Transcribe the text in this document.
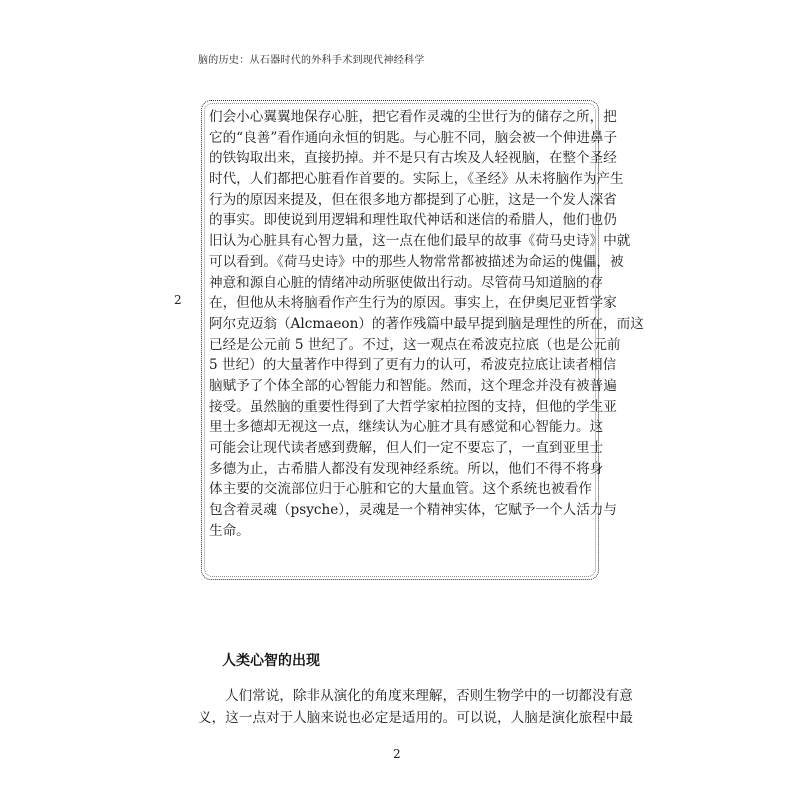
脑的历史：从石器时代的外科手术到现代神经科学
2
们会小心翼翼地保存心脏，把它看作灵魂的尘世行为的储存之所，把
它的“良善”看作通向永恒的钥匙。与心脏不同，脑会被一个伸进鼻子
的铁钩取出来，直接扔掉。并不是只有古埃及人轻视脑，在整个圣经
时代，人们都把心脏看作首要的。实际上，《圣经》从未将脑作为产生
行为的原因来提及，但在很多地方都提到了心脏，这是一个发人深省
的事实。即使说到用逻辑和理性取代神话和迷信的希腊人，他们也仍
旧认为心脏具有心智力量，这一点在他们最早的故事《荷马史诗》中就
可以看到。《荷马史诗》中的那些人物常常都被描述为命运的傀儡，被
神意和源自心脏的情绪冲动所驱使做出行动。尽管荷马知道脑的存
在，但他从未将脑看作产生行为的原因。事实上，在伊奥尼亚哲学家
阿尔克迈翁（Alcmaeon）的著作残篇中最早提到脑是理性的所在，而这
已经是公元前 5 世纪了。不过，这一观点在希波克拉底（也是公元前
5 世纪）的大量著作中得到了更有力的认可，希波克拉底让读者相信
脑赋予了个体全部的心智能力和智能。然而，这个理念并没有被普遍
接受。虽然脑的重要性得到了大哲学家柏拉图的支持，但他的学生亚
里士多德却无视这一点，继续认为心脏才具有感觉和心智能力。这
可能会让现代读者感到费解，但人们一定不要忘了，一直到亚里士
多德为止，古希腊人都没有发现神经系统。所以，他们不得不将身
体主要的交流部位归于心脏和它的大量血管。这个系统也被看作
包含着灵魂（psyche），灵魂是一个精神实体，它赋予一个人活力与
生命。
人类心智的出现
人们常说，除非从演化的角度来理解，否则生物学中的一切都没有意
义，这一点对于人脑来说也必定是适用的。可以说，人脑是演化旅程中最
2
